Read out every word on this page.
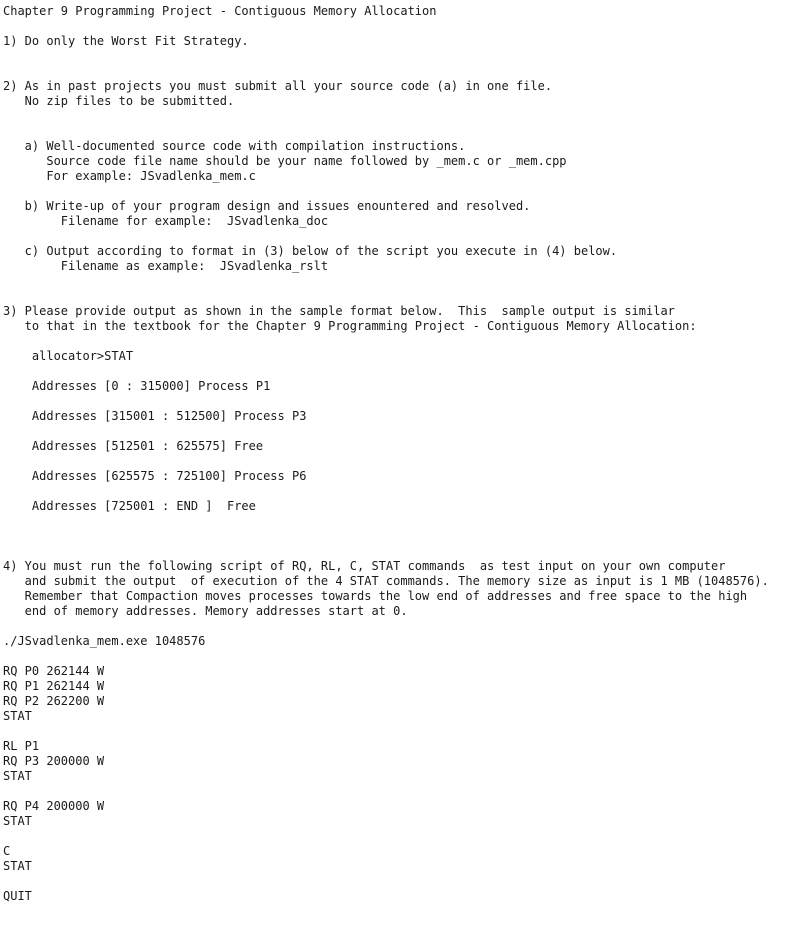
Chapter 9 Programming Project - Contiguous Memory Allocation
1) Do only the Worst Fit Strategy.
2) As in past projects you must submit all your source code (a) in one file.
No zip files to be submitted.
a) Well-documented source code with compilation instructions.
Source code file name should be your name followed by _mem.c or _mem.cpp
For example: JSvadlenka_mem.c
b) Write-up of your program design and issues enountered and resolved.
Filename for example:  JSvadlenka_doc
c) Output according to format in (3) below of the script you execute in (4) below.
Filename as example:  JSvadlenka_rslt
3) Please provide output as shown in the sample format below.  This  sample output is similar
to that in the textbook for the Chapter 9 Programming Project - Contiguous Memory Allocation:
allocator>STAT
Addresses [0 : 315000] Process P1
Addresses [315001 : 512500] Process P3
Addresses [512501 : 625575] Free
Addresses [625575 : 725100] Process P6
Addresses [725001 : END ]  Free
4) You must run the following script of RQ, RL, C, STAT commands  as test input on your own computer
and submit the output  of execution of the 4 STAT commands. The memory size as input is 1 MB (1048576).
Remember that Compaction moves processes towards the low end of addresses and free space to the high
end of memory addresses. Memory addresses start at 0.
./JSvadlenka_mem.exe 1048576
RQ P0 262144 W
RQ P1 262144 W
RQ P2 262200 W
STAT
RL P1
RQ P3 200000 W
STAT
RQ P4 200000 W
STAT
C
STAT
QUIT
